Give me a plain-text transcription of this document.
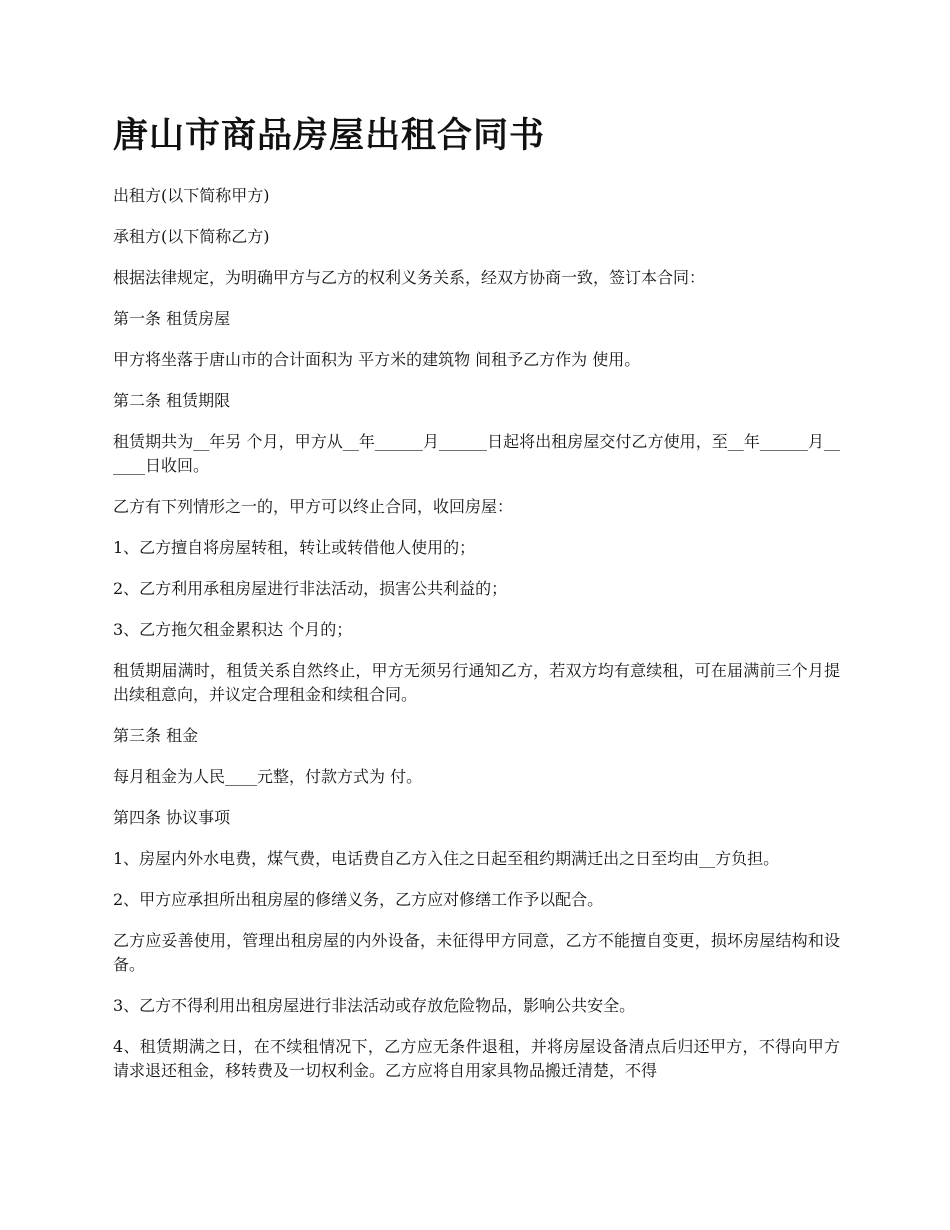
唐山市商品房屋出租合同书

出租方(以下简称甲方)

承租方(以下简称乙方)

根据法律规定，为明确甲方与乙方的权利义务关系，经双方协商一致，签订本合同：

第一条 租赁房屋

甲方将坐落于唐山市的合计面积为 平方米的建筑物 间租予乙方作为 使用。

第二条 租赁期限

租赁期共为__年另 个月，甲方从__年______月______日起将出租房屋交付乙方使用，至__年______月______日收回。

乙方有下列情形之一的，甲方可以终止合同，收回房屋：

1、乙方擅自将房屋转租，转让或转借他人使用的；

2、乙方利用承租房屋进行非法活动，损害公共利益的；

3、乙方拖欠租金累积达 个月的；

租赁期届满时，租赁关系自然终止，甲方无须另行通知乙方，若双方均有意续租，可在届满前三个月提出续租意向，并议定合理租金和续租合同。

第三条 租金

每月租金为人民____元整，付款方式为 付。

第四条 协议事项

1、房屋内外水电费，煤气费，电话费自乙方入住之日起至租约期满迁出之日至均由__方负担。

2、甲方应承担所出租房屋的修缮义务，乙方应对修缮工作予以配合。

乙方应妥善使用，管理出租房屋的内外设备，未征得甲方同意，乙方不能擅自变更，损坏房屋结构和设备。

3、乙方不得利用出租房屋进行非法活动或存放危险物品，影响公共安全。

4、租赁期满之日，在不续租情况下，乙方应无条件退租，并将房屋设备清点后归还甲方，不得向甲方请求退还租金，移转费及一切权利金。乙方应将自用家具物品搬迁清楚，不得
